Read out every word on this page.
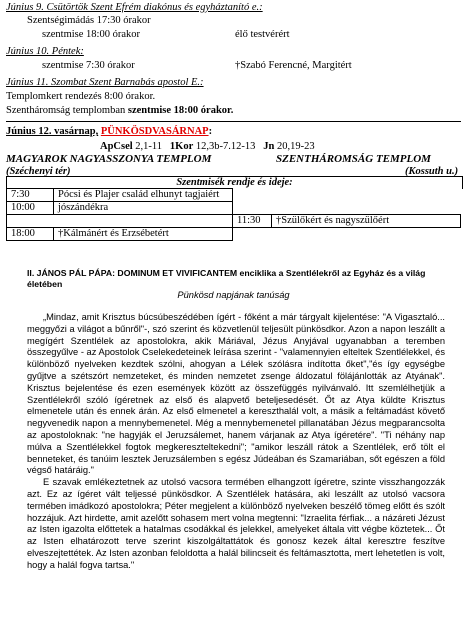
Június 9. Csütörtök Szent Efrém diakónus és egyháztanító e.:
Szentségimádás 17:30 órakor
szentmise 18:00 órakor	élő testvérért
Június 10. Péntek:
szentmise 7:30 órakor	†Szabó Ferencné, Margitért
Június 11. Szombat Szent Barnabás apostol E.:
Templomkert rendezés 8:00 órakor.
Szentháromság templomban szentmise 18:00 órakor.
Június 12. vasárnap, PÜNKÖSDVASÁRNAP:
ApCsel 2,1-11 1Kor 12,3b-7.12-13 Jn 20,19-23
MAGYAROK NAGYASSZONYA TEMPLOM	SZENTHÁROMSÁG TEMPLOM
(Széchenyi tér)	(Kossuth u.)
Szentmisék rendje és ideje:
7:30	Pócsi és Plajer család elhunyt tagjaiért		
10:00	jószándékra		
		11:30	†Szülőkért és nagyszülőért
18:00	†Kálmánért és Erzsébetért		
II. JÁNOS PÁL PÁPA: DOMINUM ET VIVIFICANTEM enciklika a Szentlélekről az Egyház és a világ életében
Pünkösd napjának tanúság

„Mindaz, amit Krisztus búcsúbeszédében ígért - főként a már tárgyalt kijelentése: "A Vigasztaló... meggyőzi a világot a bűnről"-, szó szerint és közvetlenül teljesült pünkösdkor. Azon a napon leszállt a megígért Szentlélek az apostolokra, akik Máriával, Jézus Anyjával ugyanabban a teremben összegyűlve - az Apostolok Cselekedeteinek leírása szerint - "valamennyien elteltek Szentlélekkel, és különböző nyelveken kezdtek szólni, ahogyan a Lélek szólásra indította őket","és így egységbe gyűjtve a szétszórt nemzeteket, és minden nemzetet zsenge áldozatul fölájánlották az Atyának". Krisztus bejelentése és ezen események között az összefüggés nyilvánvaló. Itt szemlélhetjük a Szentlélekről szóló ígéretnek az első és alapvető beteljesedését. Őt az Atya küldte Krisztus elmenetele után és ennek árán. Az első elmenetel a kereszthalál volt, a másik a feltámadást követő negyvenedik napon a mennybemenetel. Még a mennybemenetel pillanatában Jézus megparancsolta az apostoloknak: "ne hagyják el Jeruzsálemet, hanem várjanak az Atya ígéretére". "Ti néhány nap múlva a Szentlélekkel fogtok megkereszteltekedni"; "amikor leszáll rátok a Szentlélek, erő tölt el benneteket, és tanúim lesztek Jeruzsálemben s egész Júdeában és Szamariában, sőt egészen a föld végső határáig."

E szavak emlékeztetnek az utolsó vacsora termében elhangzott ígéretre, szinte visszhangozzák azt. Ez az ígéret vált teljessé pünkösdkor. A Szentlélek hatására, aki leszállt az utolsó vacsora termében imádkozó apostolokra; Péter megjelent a különböző nyelveken beszélő tömeg előtt és szólt hozzájuk. Azt hirdette, amit azelőtt sohasem mert volna megtenni: "Izraelita férfiak... a názáreti Jézust az Isten igazolta előttetek a hatalmas csodákkal és jelekkel, amelyeket általa vitt végbe köztetek... Őt az Isten elhatározott terve szerint kiszolgáltattátok és gonosz kezek által keresztre feszítve elveszejtettétek. Az Isten azonban feloldotta a halál bilincseit és feltámasztotta, mert lehetetlen is volt, hogy a halál fogva tartsa."
